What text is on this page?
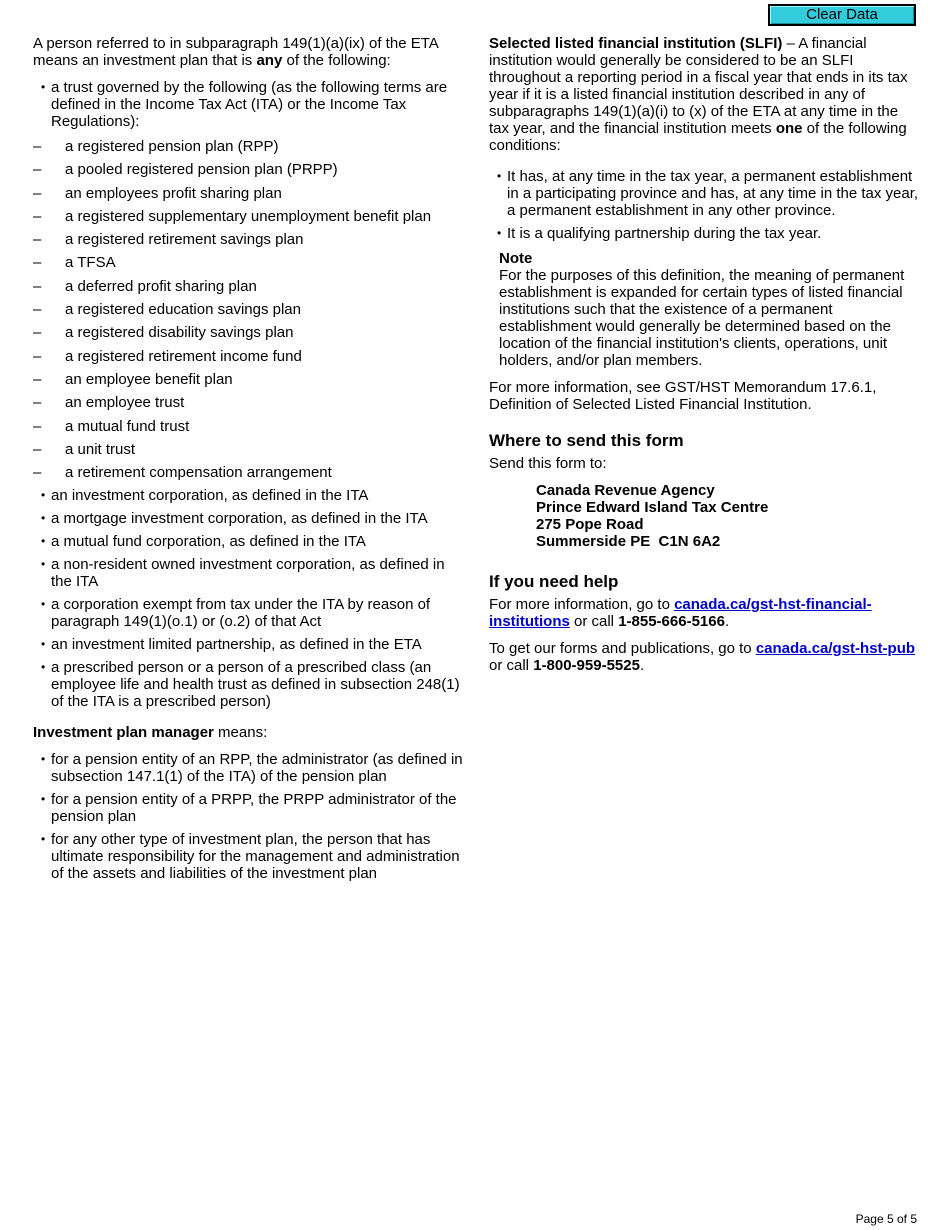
Clear Data

A person referred to in subparagraph 149(1)(a)(ix) of the ETA means an investment plan that is any of the following:

• a trust governed by the following (as the following terms are defined in the Income Tax Act (ITA) or the Income Tax Regulations):
– a registered pension plan (RPP)
– a pooled registered pension plan (PRPP)
– an employees profit sharing plan
– a registered supplementary unemployment benefit plan
– a registered retirement savings plan
– a TFSA
– a deferred profit sharing plan
– a registered education savings plan
– a registered disability savings plan
– a registered retirement income fund
– an employee benefit plan
– an employee trust
– a mutual fund trust
– a unit trust
– a retirement compensation arrangement
• an investment corporation, as defined in the ITA
• a mortgage investment corporation, as defined in the ITA
• a mutual fund corporation, as defined in the ITA
• a non-resident owned investment corporation, as defined in the ITA
• a corporation exempt from tax under the ITA by reason of paragraph 149(1)(o.1) or (o.2) of that Act
• an investment limited partnership, as defined in the ETA
• a prescribed person or a person of a prescribed class (an employee life and health trust as defined in subsection 248(1) of the ITA is a prescribed person)

Investment plan manager means:

• for a pension entity of an RPP, the administrator (as defined in subsection 147.1(1) of the ITA) of the pension plan
• for a pension entity of a PRPP, the PRPP administrator of the pension plan
• for any other type of investment plan, the person that has ultimate responsibility for the management and administration of the assets and liabilities of the investment plan

Selected listed financial institution (SLFI) – A financial institution would generally be considered to be an SLFI throughout a reporting period in a fiscal year that ends in its tax year if it is a listed financial institution described in any of subparagraphs 149(1)(a)(i) to (x) of the ETA at any time in the tax year, and the financial institution meets one of the following conditions:

• It has, at any time in the tax year, a permanent establishment in a participating province and has, at any time in the tax year, a permanent establishment in any other province.
• It is a qualifying partnership during the tax year.

Note

For the purposes of this definition, the meaning of permanent establishment is expanded for certain types of listed financial institutions such that the existence of a permanent establishment would generally be determined based on the location of the financial institution's clients, operations, unit holders, and/or plan members.

For more information, see GST/HST Memorandum 17.6.1, Definition of Selected Listed Financial Institution.

Where to send this form

Send this form to:

Canada Revenue Agency
Prince Edward Island Tax Centre
275 Pope Road
Summerside PE  C1N 6A2
If you need help

For more information, go to canada.ca/gst-hst-financial-institutions or call 1-855-666-5166.

To get our forms and publications, go to canada.ca/gst-hst-pub or call 1-800-959-5525.

Page 5 of 5
